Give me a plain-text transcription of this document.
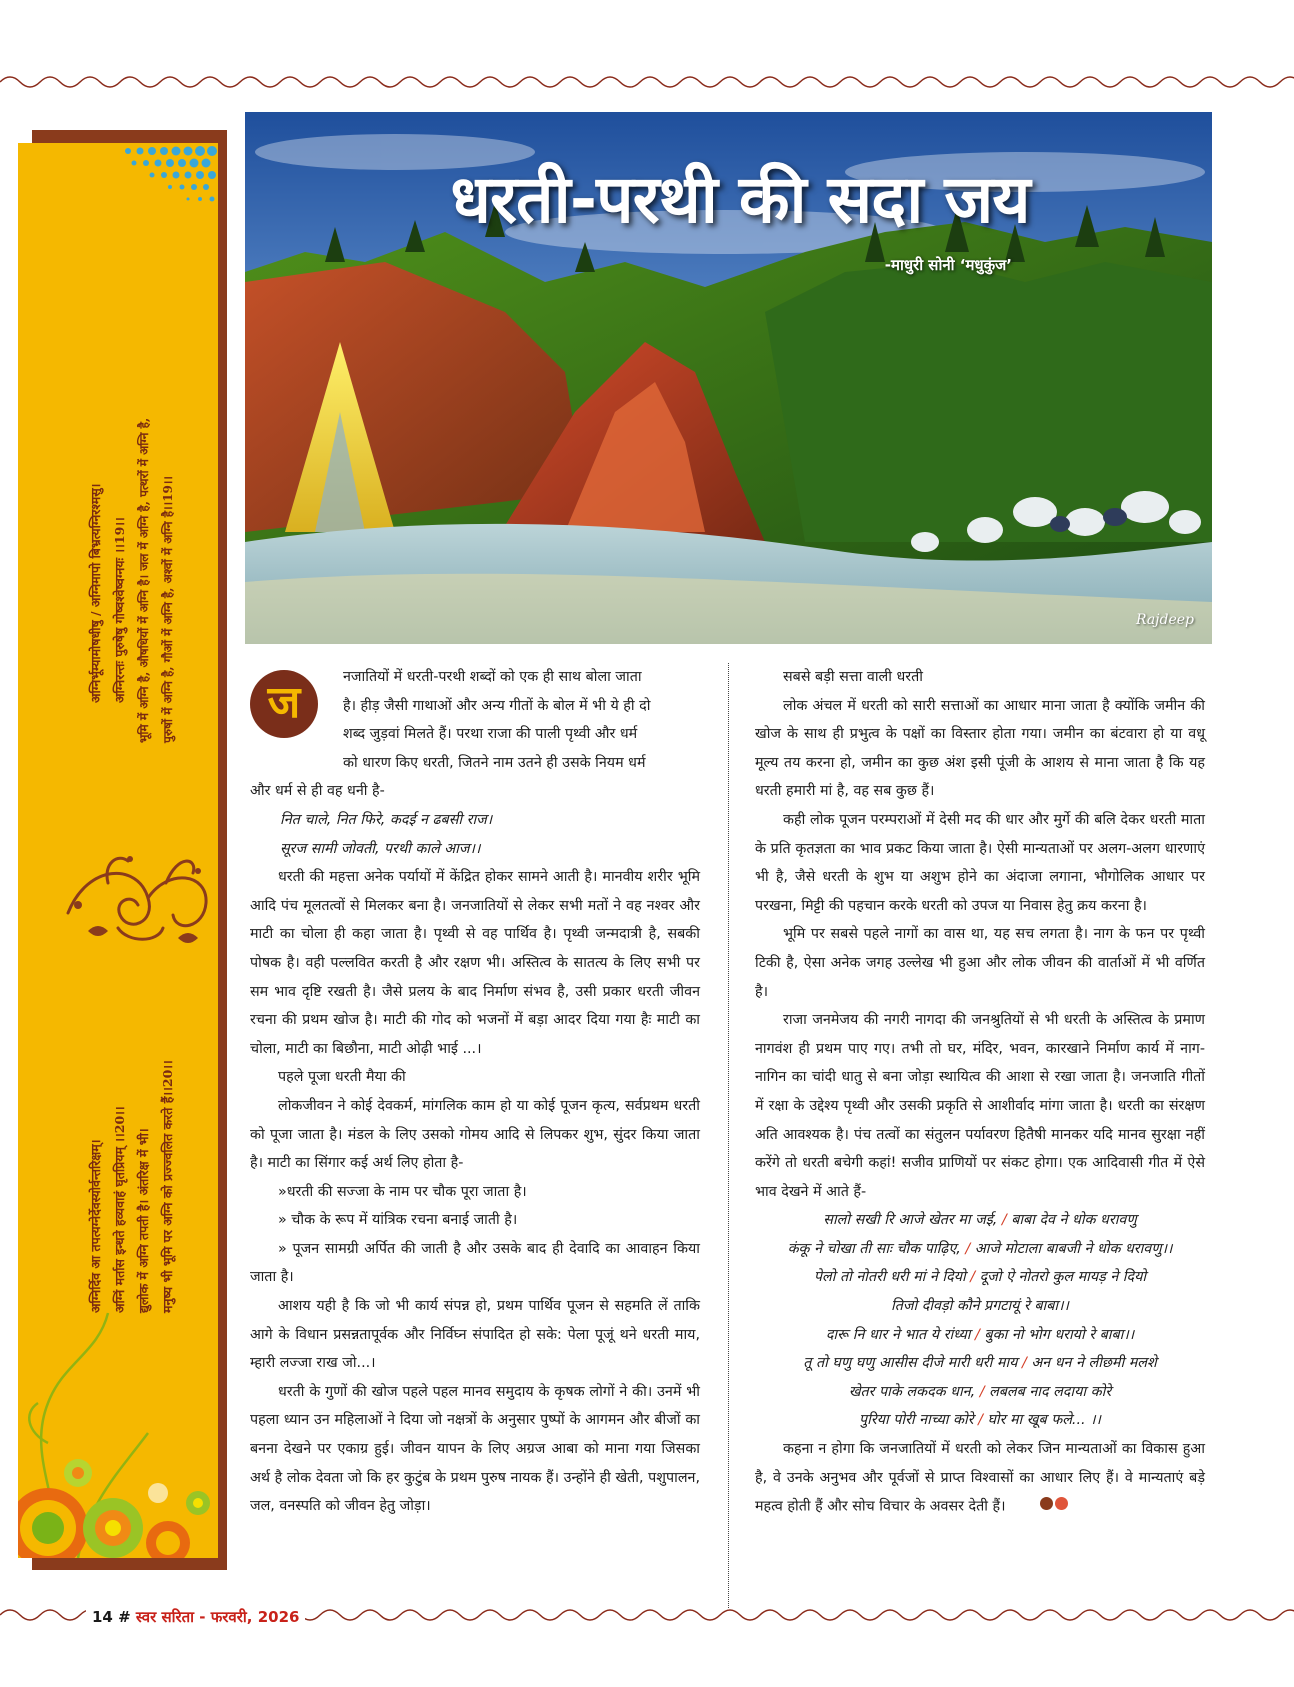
अग्निर्भूम्यामोषधीषु / अग्निमापो बिभ्रत्यग्निरश्मसु। अग्निरन्तः पुरुषेषु गोष्वश्वेष्वग्नयः ।।19।। भूमि में अग्नि है, औषधियों में अग्नि है। जल में अग्नि है, पत्थरों में अग्नि है, पुरुषों में अग्नि है, गौओं में अग्नि है, अश्वों में अग्नि है।।19।।
अग्निर्दिव आ तपत्यग्नेर्देवस्योर्वन्तरिक्षम्। अग्निं मर्तास इन्धते हव्यवाहं घृतप्रियम् ।।20।। द्युलोक में अग्नि तपती है। अंतरिक्ष में भी। मनुष्य भी भूमि पर अग्नि को प्रज्ज्वलित करते हैं।।20।।
धरती-परथी की सदा जय
-माधुरी सोनी ‘मधुकुंज’
Rajdeep
ज	नजातियों में धरती-परथी शब्दों को एक ही साथ बोला जाता

है। हीड़ जैसी गाथाओं और अन्य गीतों के बोल में भी ये ही दो

शब्द जुड़वां मिलते हैं। परथा राजा की पाली पृथ्वी और धर्म

को धारण किए धरती, जितने नाम उतने ही उसके नियम धर्म

और धर्म से ही वह धनी है-

नित चाले, नित फिरे, कदई न ढबसी राज।

सूरज सामी जोवती, परथी काले आज।।

धरती की महत्ता अनेक पर्यायों में केंद्रित होकर सामने आती है। मानवीय शरीर भूमि आदि पंच मूलतत्वों से मिलकर बना है। जनजातियों से लेकर सभी मतों ने वह नश्वर और माटी का चोला ही कहा जाता है। पृथ्वी से वह पार्थिव है। पृथ्वी जन्मदात्री है, सबकी पोषक है। वही पल्लवित करती है और रक्षण भी। अस्तित्व के सातत्य के लिए सभी पर सम भाव दृष्टि रखती है। जैसे प्रलय के बाद निर्माण संभव है, उसी प्रकार धरती जीवन रचना की प्रथम खोज है। माटी की गोद को भजनों में बड़ा आदर दिया गया हैः माटी का चोला, माटी का बिछौना, माटी ओढ़ी भाई ...।

पहले पूजा धरती मैया की

लोकजीवन ने कोई देवकर्म, मांगलिक काम हो या कोई पूजन कृत्य, सर्वप्रथम धरती को पूजा जाता है। मंडल के लिए उसको गोमय आदि से लिपकर शुभ, सुंदर किया जाता है। माटी का सिंगार कई अर्थ लिए होता है-

»धरती की सज्जा के नाम पर चौक पूरा जाता है।

» चौक के रूप में यांत्रिक रचना बनाई जाती है।

» पूजन सामग्री अर्पित की जाती है और उसके बाद ही देवादि का आवाहन किया जाता है।

आशय यही है कि जो भी कार्य संपन्न हो, प्रथम पार्थिव पूजन से सहमति लें ताकि आगे के विधान प्रसन्नतापूर्वक और निर्विघ्न संपादित हो सके: पेला पूजूं थने धरती माय, म्हारी लज्जा राख जो...।

धरती के गुणों की खोज पहले पहल मानव समुदाय के कृषक लोगों ने की। उनमें भी पहला ध्यान उन महिलाओं ने दिया जो नक्षत्रों के अनुसार पुष्पों के आगमन और बीजों का बनना देखने पर एकाग्र हुई। जीवन यापन के लिए अग्रज आबा को माना गया जिसका अर्थ है लोक देवता जो कि हर कुटुंब के प्रथम पुरुष नायक हैं। उन्होंने ही खेती, पशुपालन, जल, वनस्पति को जीवन हेतु जोड़ा।

सबसे बड़ी सत्ता वाली धरती

लोक अंचल में धरती को सारी सत्ताओं का आधार माना जाता है क्योंकि जमीन की खोज के साथ ही प्रभुत्व के पक्षों का विस्तार होता गया। जमीन का बंटवारा हो या वधू मूल्य तय करना हो, जमीन का कुछ अंश इसी पूंजी के आशय से माना जाता है कि यह धरती हमारी मां है, वह सब कुछ हैं।

कही लोक पूजन परम्पराओं में देसी मद की धार और मुर्गे की बलि देकर धरती माता के प्रति कृतज्ञता का भाव प्रकट किया जाता है। ऐसी मान्यताओं पर अलग-अलग धारणाएं भी है, जैसे धरती के शुभ या अशुभ होने का अंदाजा लगाना, भौगोलिक आधार पर परखना, मिट्टी की पहचान करके धरती को उपज या निवास हेतु क्रय करना है।

भूमि पर सबसे पहले नागों का वास था, यह सच लगता है। नाग के फन पर पृथ्वी टिकी है, ऐसा अनेक जगह उल्लेख भी हुआ और लोक जीवन की वार्ताओं में भी वर्णित है।

राजा जनमेजय की नगरी नागदा की जनश्रुतियों से भी धरती के अस्तित्व के प्रमाण नागवंश ही प्रथम पाए गए। तभी तो घर, मंदिर, भवन, कारखाने निर्माण कार्य में नाग-नागिन का चांदी धातु से बना जोड़ा स्थायित्व की आशा से रखा जाता है। जनजाति गीतों में रक्षा के उद्देश्य पृथ्वी और उसकी प्रकृति से आशीर्वाद मांगा जाता है। धरती का संरक्षण अति आवश्यक है। पंच तत्वों का संतुलन पर्यावरण हितैषी मानकर यदि मानव सुरक्षा नहीं करेंगे तो धरती बचेगी कहां! सजीव प्राणियों पर संकट होगा। एक आदिवासी गीत में ऐसे भाव देखने में आते हैं-

सालो सखी रि आजे खेतर मा जई, / बाबा देव ने धोक धरावणु

कंकू ने चोखा ती साः चौक पाढ़िए, / आजे मोटाला बाबजी ने धोक धरावणु।।

पेलो तो नोतरी धरी मां ने दियो / दूजो ऐ नोतरो कुल मायड़ ने दियो

तिजो दीवड़ो कौने प्रगटायूं रे बाबा।।

दारू नि धार ने भात ये रांध्या / बुका नो भोग धरायो रे बाबा।।

तू तो घणु घणु आसीस दीजे मारी धरी माय / अन धन ने लीछमी मलशे

खेतर पाके लकदक धान, / लबलब नाद लदाया कोरे

पुरिया पोरी नाच्या कोरे / घोर मा खूब फले... ।।

कहना न होगा कि जनजातियों में धरती को लेकर जिन मान्यताओं का विकास हुआ है, वे उनके अनुभव और पूर्वजों से प्राप्त विश्वासों का आधार लिए हैं। वे मान्यताएं बड़े महत्व होती हैं और सोच विचार के अवसर देती हैं।

14 # स्वर सरिता - फरवरी, 2026
